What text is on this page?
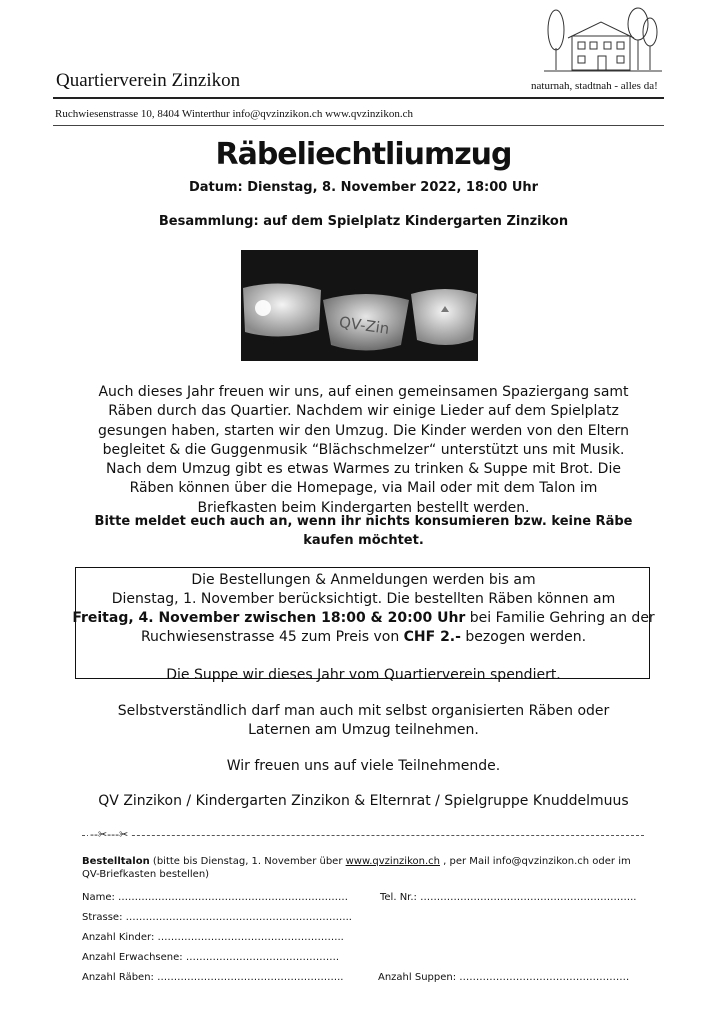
Quartierverein Zinzikon	naturnah, stadtnah - alles da!
Ruchwiesenstrasse 10, 8404 Winterthur info@qvzinzikon.ch www.qvzinzikon.ch
Räbeliechtliumzug
Datum: Dienstag, 8. November 2022, 18:00 Uhr
Besammlung: auf dem Spielplatz Kindergarten Zinzikon
QV-Zin
Auch dieses Jahr freuen wir uns, auf einen gemeinsamen Spaziergang samt
Räben durch das Quartier. Nachdem wir einige Lieder auf dem Spielplatz
gesungen haben, starten wir den Umzug. Die Kinder werden von den Eltern
begleitet & die Guggenmusik “Blächschmelzer“ unterstützt uns mit Musik.
Nach dem Umzug gibt es etwas Warmes zu trinken & Suppe mit Brot. Die
Räben können über die Homepage, via Mail oder mit dem Talon im
Briefkasten beim Kindergarten bestellt werden.
Bitte meldet euch auch an, wenn ihr nichts konsumieren bzw. keine Räbe
kaufen möchtet.
Die Bestellungen & Anmeldungen werden bis am
Dienstag, 1. November berücksichtigt. Die bestellten Räben können am
Freitag, 4. November zwischen 18:00 & 20:00 Uhr bei Familie Gehring an der
Ruchwiesenstrasse 45 zum Preis von CHF 2.- bezogen werden.
Die Suppe wir dieses Jahr vom Quartierverein spendiert.
Selbstverständlich darf man auch mit selbst organisierten Räben oder
Laternen am Umzug teilnehmen.
Wir freuen uns auf viele Teilnehmende.
QV Zinzikon / Kindergarten Zinzikon & Elternrat / Spielgruppe Knuddelmuus
--✂---✂
Bestelltalon (bitte bis Dienstag, 1. November über www.qvzinzikon.ch , per Mail info@qvzinzikon.ch oder im QV-Briefkasten bestellen)
Name: ……………………………………………………………	Tel. Nr.: ………………………………………………………..
Strasse: …………………………………………………………..
Anzahl Kinder: ………………………………………………..
Anzahl Erwachsene: ……………………………………….
Anzahl Räben: ………………………………………………..	Anzahl Suppen: ……………………………………………
